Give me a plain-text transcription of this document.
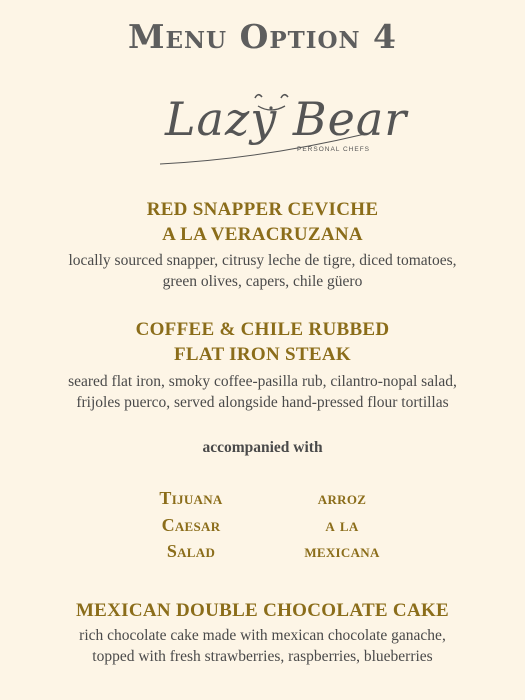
Menu Option 4
Lazy Bear
PERSONAL CHEFS
RED SNAPPER CEVICHE
A LA VERACRUZANA
locally sourced snapper, citrusy leche de tigre, diced tomatoes,
green olives, capers, chile güero
COFFEE & CHILE RUBBED
FLAT IRON STEAK
seared flat iron, smoky coffee-pasilla rub, cilantro-nopal salad,
frijoles puerco, served alongside hand-pressed flour tortillas
accompanied with
Tijuana
Caesar
Salad
arroz
a la
mexicana
MEXICAN DOUBLE CHOCOLATE CAKE
rich chocolate cake made with mexican chocolate ganache,
topped with fresh strawberries, raspberries, blueberries
